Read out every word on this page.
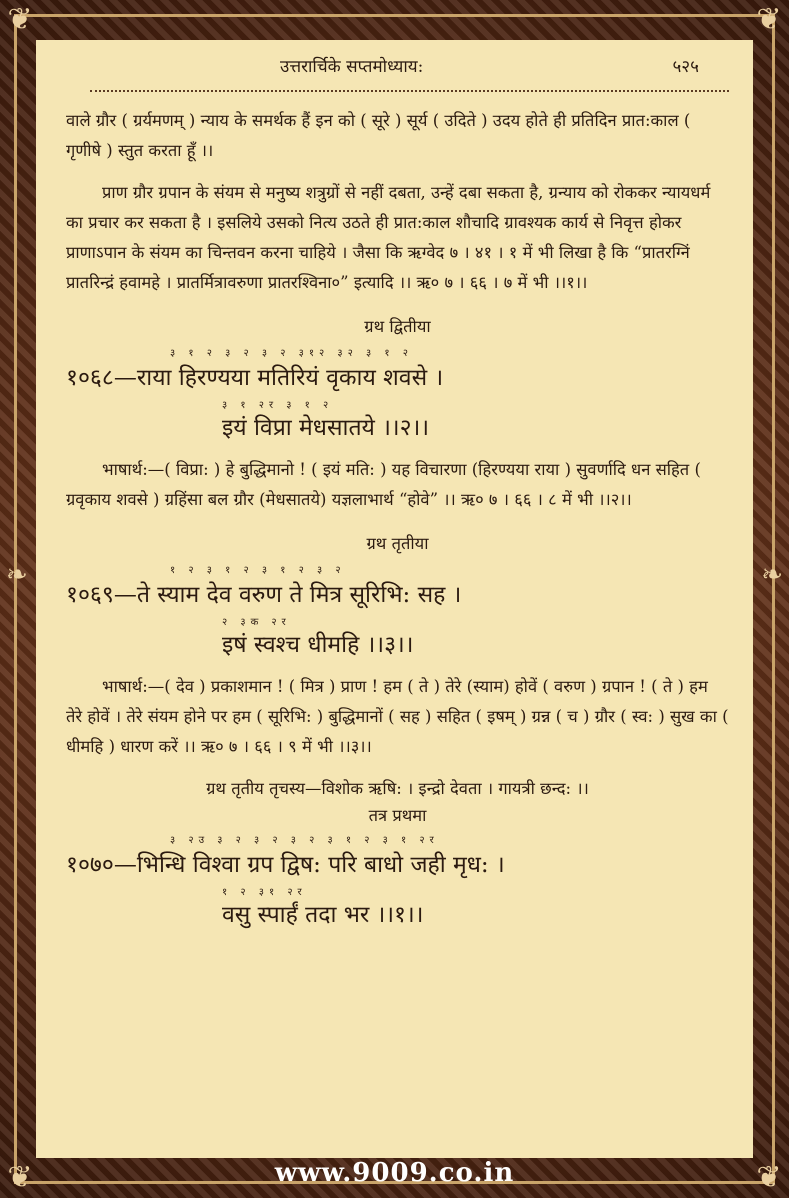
❦	❦
❦	❦
❧	❧
उत्तरार्चिके सप्तमोध्याय:	५२५

वाले ग्रौर ( ग्रर्यमणम् ) न्याय के समर्थक हैं इन को ( सूरे ) सूर्य ( उदिते ) उदय होते ही प्रतिदिन प्रात:काल ( गृणीषे ) स्तुत करता हूँ ।।

प्राण ग्रौर ग्रपान के संयम से मनुष्य शत्रुग्रों से नहीं दबता, उन्हें दबा सकता है, ग्रन्याय को रोककर न्यायधर्म का प्रचार कर सकता है । इसलिये उसको नित्य उठते ही प्रात:काल शौचादि ग्रावश्यक कार्य से निवृत्त होकर प्राणाऽपान के संयम का चिन्तवन करना चाहिये । जैसा कि ऋग्वेद ७ । ४१ । १ में भी लिखा है कि “प्रातरग्निं प्रातरिन्द्रं हवामहे । प्रातर्मित्रावरुणा प्रातरश्विना०” इत्यादि ।। ऋ० ७ । ६६ । ७ में भी ।।१।।

ग्रथ द्वितीया
३ १ २ ३ २ ३ २ ३१२ ३२ ३ १ २
१०६८—राया हिरण्यया मतिरियं वृकाय शवसे ।
३ १ २र ३ १ २
इयं विप्रा मेधसातये ।।२।।

भाषार्थ:—( विप्रा: ) हे बुद्धिमानो ! ( इयं मति: ) यह विचारणा (हिरण्यया राया ) सुवर्णादि धन सहित ( ग्रवृकाय शवसे ) ग्रहिंसा बल ग्रौर (मेधसातये) यज्ञलाभार्थ “होवे” ।। ऋ० ७ । ६६ । ८ में भी ।।२।।

ग्रथ तृतीया
१ २ ३ १ २ ३ १ २ ३ २
१०६९—ते स्याम देव वरुण ते मित्र सूरिभि: सह ।
२ ३क २र
इषं स्वश्च धीमहि ।।३।।

भाषार्थ:—( देव ) प्रकाशमान ! ( मित्र ) प्राण ! हम ( ते ) तेरे (स्याम) होवें ( वरुण ) ग्रपान ! ( ते ) हम तेरे होवें । तेरे संयम होने पर हम ( सूरिभि: ) बुद्धिमानों ( सह ) सहित ( इषम् ) ग्रन्न ( च ) ग्रौर ( स्व: ) सुख का ( धीमहि ) धारण करें ।। ऋ० ७ । ६६ । ९ में भी ।।३।।

ग्रथ तृतीय तृचस्य—विशोक ऋषि: । इन्द्रो देवता । गायत्री छन्द: ।।
तत्र प्रथमा
३ २उ ३ २ ३ २ ३ २ ३ १ २ ३ १ २र
१०७०—भिन्धि विश्वा ग्रप द्विष: परि बाधो जही मृध: ।
१ २ ३१ २र
वसु स्पार्हं तदा भर ।।१।।
www.9009.co.in
